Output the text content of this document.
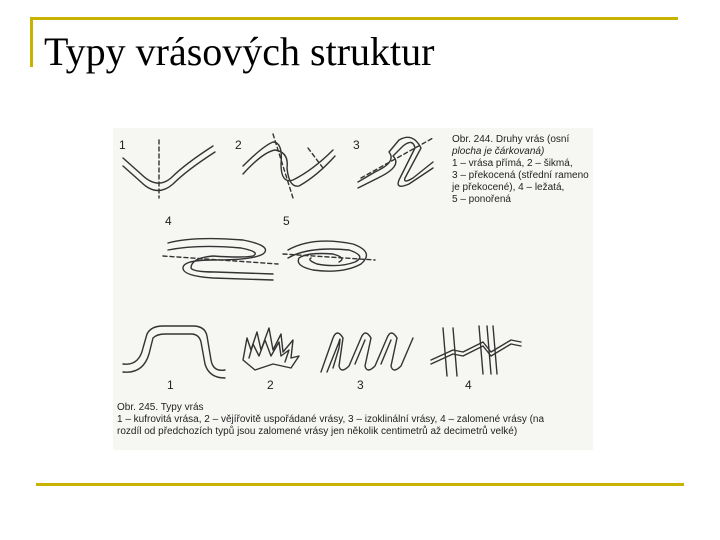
Typy vrásových struktur
1	2	3
4	5
1	2	3	4
Obr. 244. Druhy vrás (osní
plocha je čárkovaná)
1 – vrása přímá, 2 – šikmá,
3 – překocená (střední rameno
je překocené), 4 – ležatá,
5 – ponořená
Obr. 245. Typy vrás
1 – kufrovitá vrása, 2 – vějířovitě uspořádané vrásy, 3 – izoklinální vrásy, 4 – zalomené vrásy (na
rozdíl od předchozích typů jsou zalomené vrásy jen několik centimetrů až decimetrů velké)
